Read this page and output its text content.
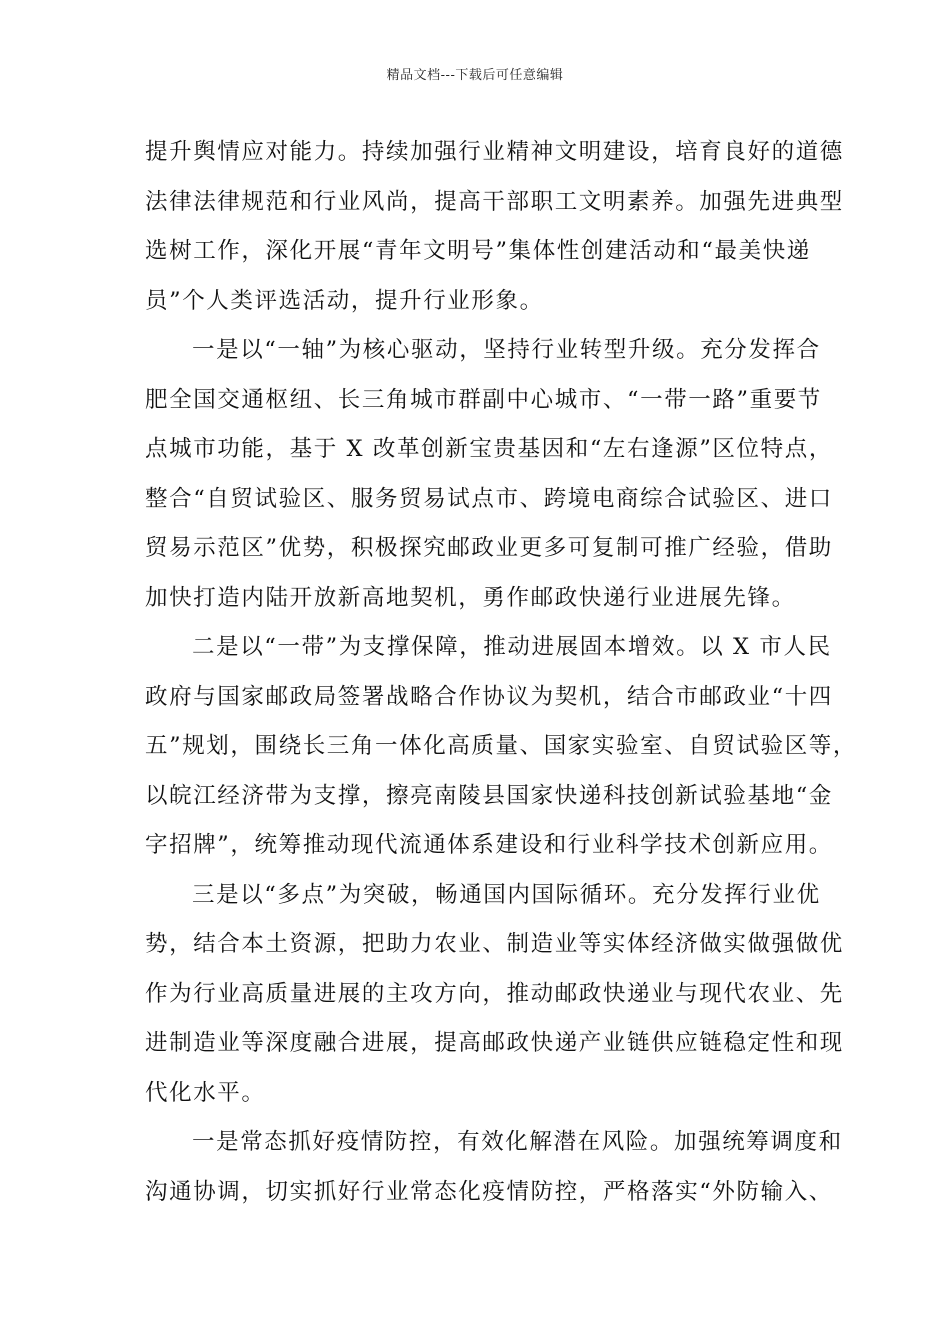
精品文档---下载后可任意编辑
提升舆情应对能力。持续加强行业精神文明建设，培育良好的道德
法律法律规范和行业风尚，提高干部职工文明素养。加强先进典型
选树工作，深化开展“青年文明号”集体性创建活动和“最美快递
员”个人类评选活动，提升行业形象。
一是以“一轴”为核心驱动，坚持行业转型升级。充分发挥合
肥全国交通枢纽、长三角城市群副中心城市、“一带一路”重要节
点城市功能，基于 X 改革创新宝贵基因和“左右逢源”区位特点，
整合“自贸试验区、服务贸易试点市、跨境电商综合试验区、进口
贸易示范区”优势，积极探究邮政业更多可复制可推广经验，借助
加快打造内陆开放新高地契机，勇作邮政快递行业进展先锋。
二是以“一带”为支撑保障，推动进展固本增效。以 X 市人民
政府与国家邮政局签署战略合作协议为契机，结合市邮政业“十四
五”规划，围绕长三角一体化高质量、国家实验室、自贸试验区等，
以皖江经济带为支撑，擦亮南陵县国家快递科技创新试验基地“金
字招牌”，统筹推动现代流通体系建设和行业科学技术创新应用。
三是以“多点”为突破，畅通国内国际循环。充分发挥行业优
势，结合本土资源，把助力农业、制造业等实体经济做实做强做优
作为行业高质量进展的主攻方向，推动邮政快递业与现代农业、先
进制造业等深度融合进展，提高邮政快递产业链供应链稳定性和现
代化水平。
一是常态抓好疫情防控，有效化解潜在风险。加强统筹调度和
沟通协调，切实抓好行业常态化疫情防控，严格落实“外防输入、
